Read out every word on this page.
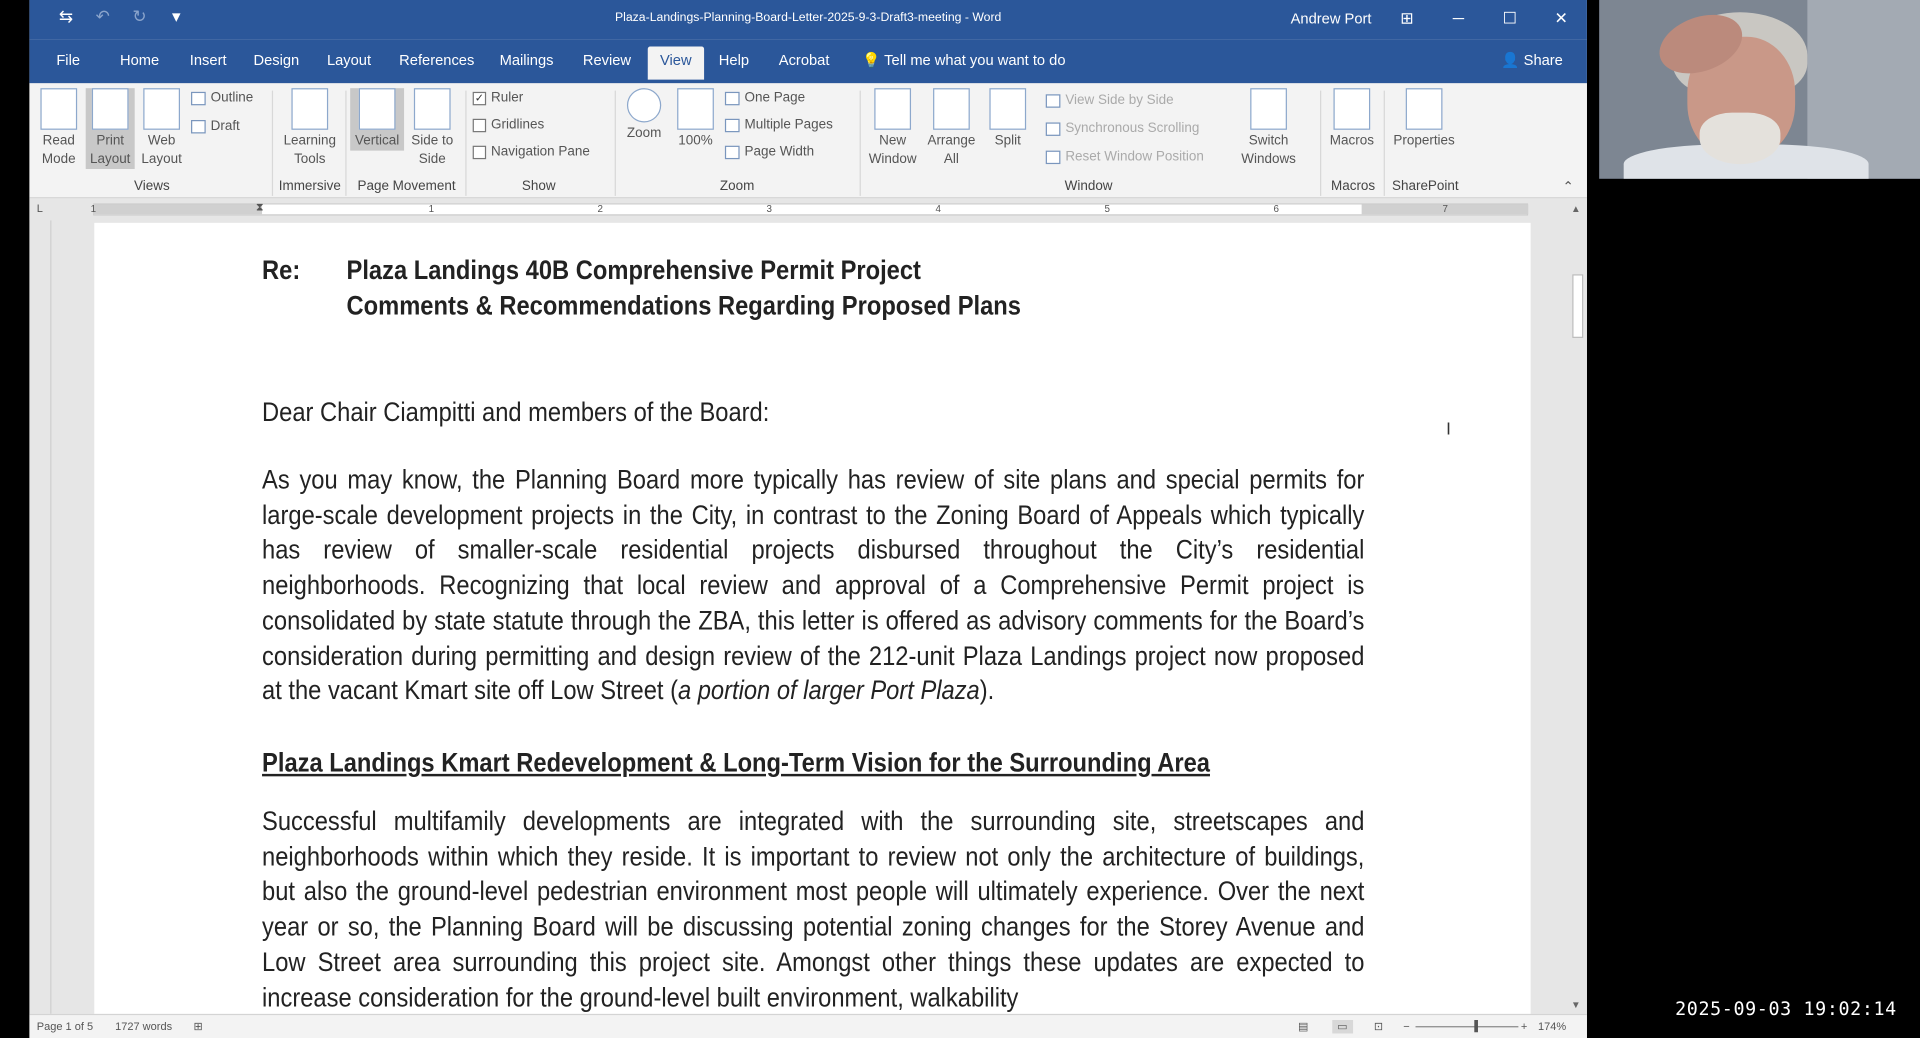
⇆	↶	↻	▾	Plaza-Landings-Planning-Board-Letter-2025-9-3-Draft3-meeting - Word	Andrew Port	⊞	─	☐	✕
File	Home	Insert Design Layout References Mailings Review	View	Help Acrobat	💡 Tell me what you want to do	👤 Share
Read Mode
Print Layout
Web Layout
Outline
Draft
Views
Learning Tools
Immersive
Vertical	Side to Side
Page Movement
✓ Ruler
Gridlines
Navigation Pane
Show
Zoom	100%
One Page
Multiple Pages
Page Width
Zoom
New Window
Arrange All
Split
View Side by Side
Synchronous Scrolling
Reset Window Position
Switch Windows
Window
Macros
Macros
Properties
SharePoint	⌃
L	1	1	2	3	4	5	6	7
⧗
Re: Plaza Landings 40B Comprehensive Permit Project
Comments & Recommendations Regarding Proposed Plans
Dear Chair Ciampitti and members of the Board:
As you may know, the Planning Board more typically has review of site plans and special permits for large-scale development projects in the City, in contrast to the Zoning Board of Appeals which typically has review of smaller-scale residential projects disbursed throughout the City’s residential neighborhoods. Recognizing that local review and approval of a Comprehensive Permit project is consolidated by state statute through the ZBA, this letter is offered as advisory comments for the Board’s consideration during permitting and design review of the 212-unit Plaza Landings project now proposed at the vacant Kmart site off Low Street (a portion of larger Port Plaza).
Plaza Landings Kmart Redevelopment & Long-Term Vision for the Surrounding Area
Successful multifamily developments are integrated with the surrounding site, streetscapes and neighborhoods within which they reside. It is important to review not only the architecture of buildings, but also the ground-level pedestrian environment most people will ultimately experience. Over the next year or so, the Planning Board will be discussing potential zoning changes for the Storey Avenue and Low Street area surrounding this project site. Amongst other things these updates are expected to increase consideration for the ground-level built environment, walkability
I
▲
▼
Page 1 of 5 1727 words ⊞	▤	▭	⊡ −	+ 174%
2025-09-03 19:02:14
